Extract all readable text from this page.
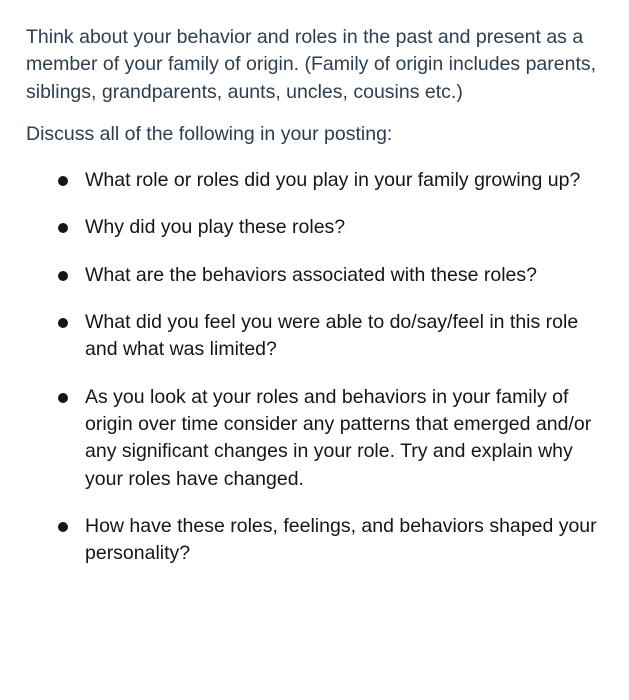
Think about your behavior and roles in the past and present as a member of your family of origin. (Family of origin includes parents, siblings, grandparents, aunts, uncles, cousins etc.)

Discuss all of the following in your posting:

What role or roles did you play in your family growing up?
Why did you play these roles?
What are the behaviors associated with these roles?
What did you feel you were able to do/say/feel in this role and what was limited?
As you look at your roles and behaviors in your family of origin over time consider any patterns that emerged and/or any significant changes in your role. Try and explain why your roles have changed.
How have these roles, feelings, and behaviors shaped your personality?
